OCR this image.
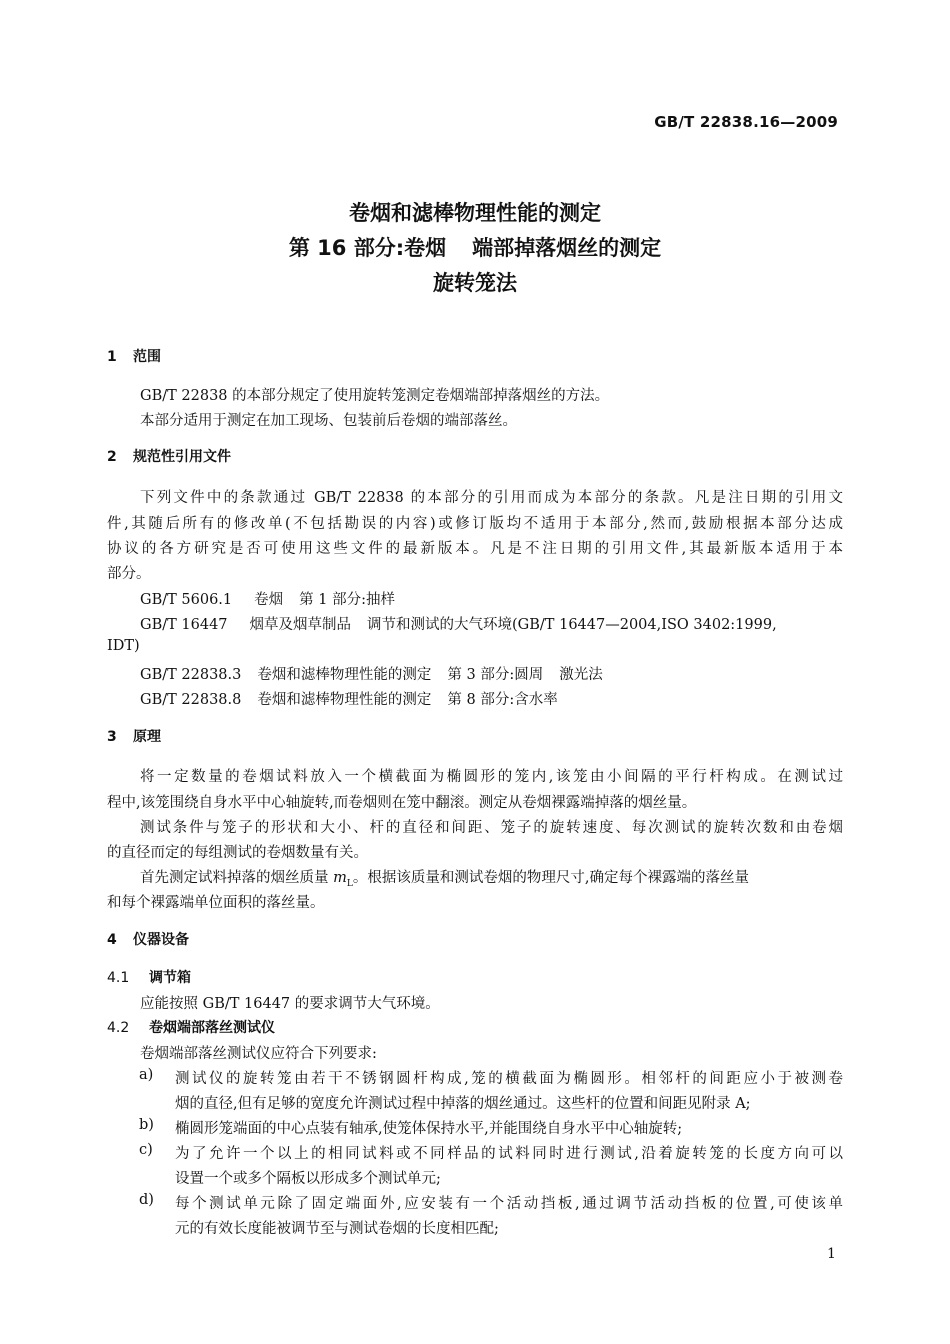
GB/T 22838.16—2009
卷烟和滤棒物理性能的测定
第 16 部分:卷烟 端部掉落烟丝的测定
旋转笼法
1 范围
GB/T 22838 的本部分规定了使用旋转笼测定卷烟端部掉落烟丝的方法。
本部分适用于测定在加工现场、包装前后卷烟的端部落丝。
2 规范性引用文件
下列文件中的条款通过 GB/T 22838 的本部分的引用而成为本部分的条款。凡是注日期的引用文
件,其随后所有的修改单(不包括勘误的内容)或修订版均不适用于本部分,然而,鼓励根据本部分达成
协议的各方研究是否可使用这些文件的最新版本。凡是不注日期的引用文件,其最新版本适用于本
部分。
GB/T 5606.1 卷烟 第 1 部分:抽样
GB/T 16447 烟草及烟草制品 调节和测试的大气环境(GB/T 16447—2004,ISO 3402:1999,
IDT)
GB/T 22838.3 卷烟和滤棒物理性能的测定 第 3 部分:圆周 激光法
GB/T 22838.8 卷烟和滤棒物理性能的测定 第 8 部分:含水率
3 原理
将一定数量的卷烟试料放入一个横截面为椭圆形的笼内,该笼由小间隔的平行杆构成。在测试过
程中,该笼围绕自身水平中心轴旋转,而卷烟则在笼中翻滚。测定从卷烟裸露端掉落的烟丝量。
测试条件与笼子的形状和大小、杆的直径和间距、笼子的旋转速度、每次测试的旋转次数和由卷烟
的直径而定的每组测试的卷烟数量有关。
首先测定试料掉落的烟丝质量 $m_L$。根据该质量和测试卷烟的物理尺寸,确定每个裸露端的落丝量
和每个裸露端单位面积的落丝量。
4 仪器设备
4.1 调节箱
应能按照 GB/T 16447 的要求调节大气环境。
4.2 卷烟端部落丝测试仪
卷烟端部落丝测试仪应符合下列要求:
a) 测试仪的旋转笼由若干不锈钢圆杆构成,笼的横截面为椭圆形。相邻杆的间距应小于被测卷
烟的直径,但有足够的宽度允许测试过程中掉落的烟丝通过。这些杆的位置和间距见附录 A;
b) 椭圆形笼端面的中心点装有轴承,使笼体保持水平,并能围绕自身水平中心轴旋转;
c) 为了允许一个以上的相同试料或不同样品的试料同时进行测试,沿着旋转笼的长度方向可以
设置一个或多个隔板以形成多个测试单元;
d) 每个测试单元除了固定端面外,应安装有一个活动挡板,通过调节活动挡板的位置,可使该单
元的有效长度能被调节至与测试卷烟的长度相匹配;
1
